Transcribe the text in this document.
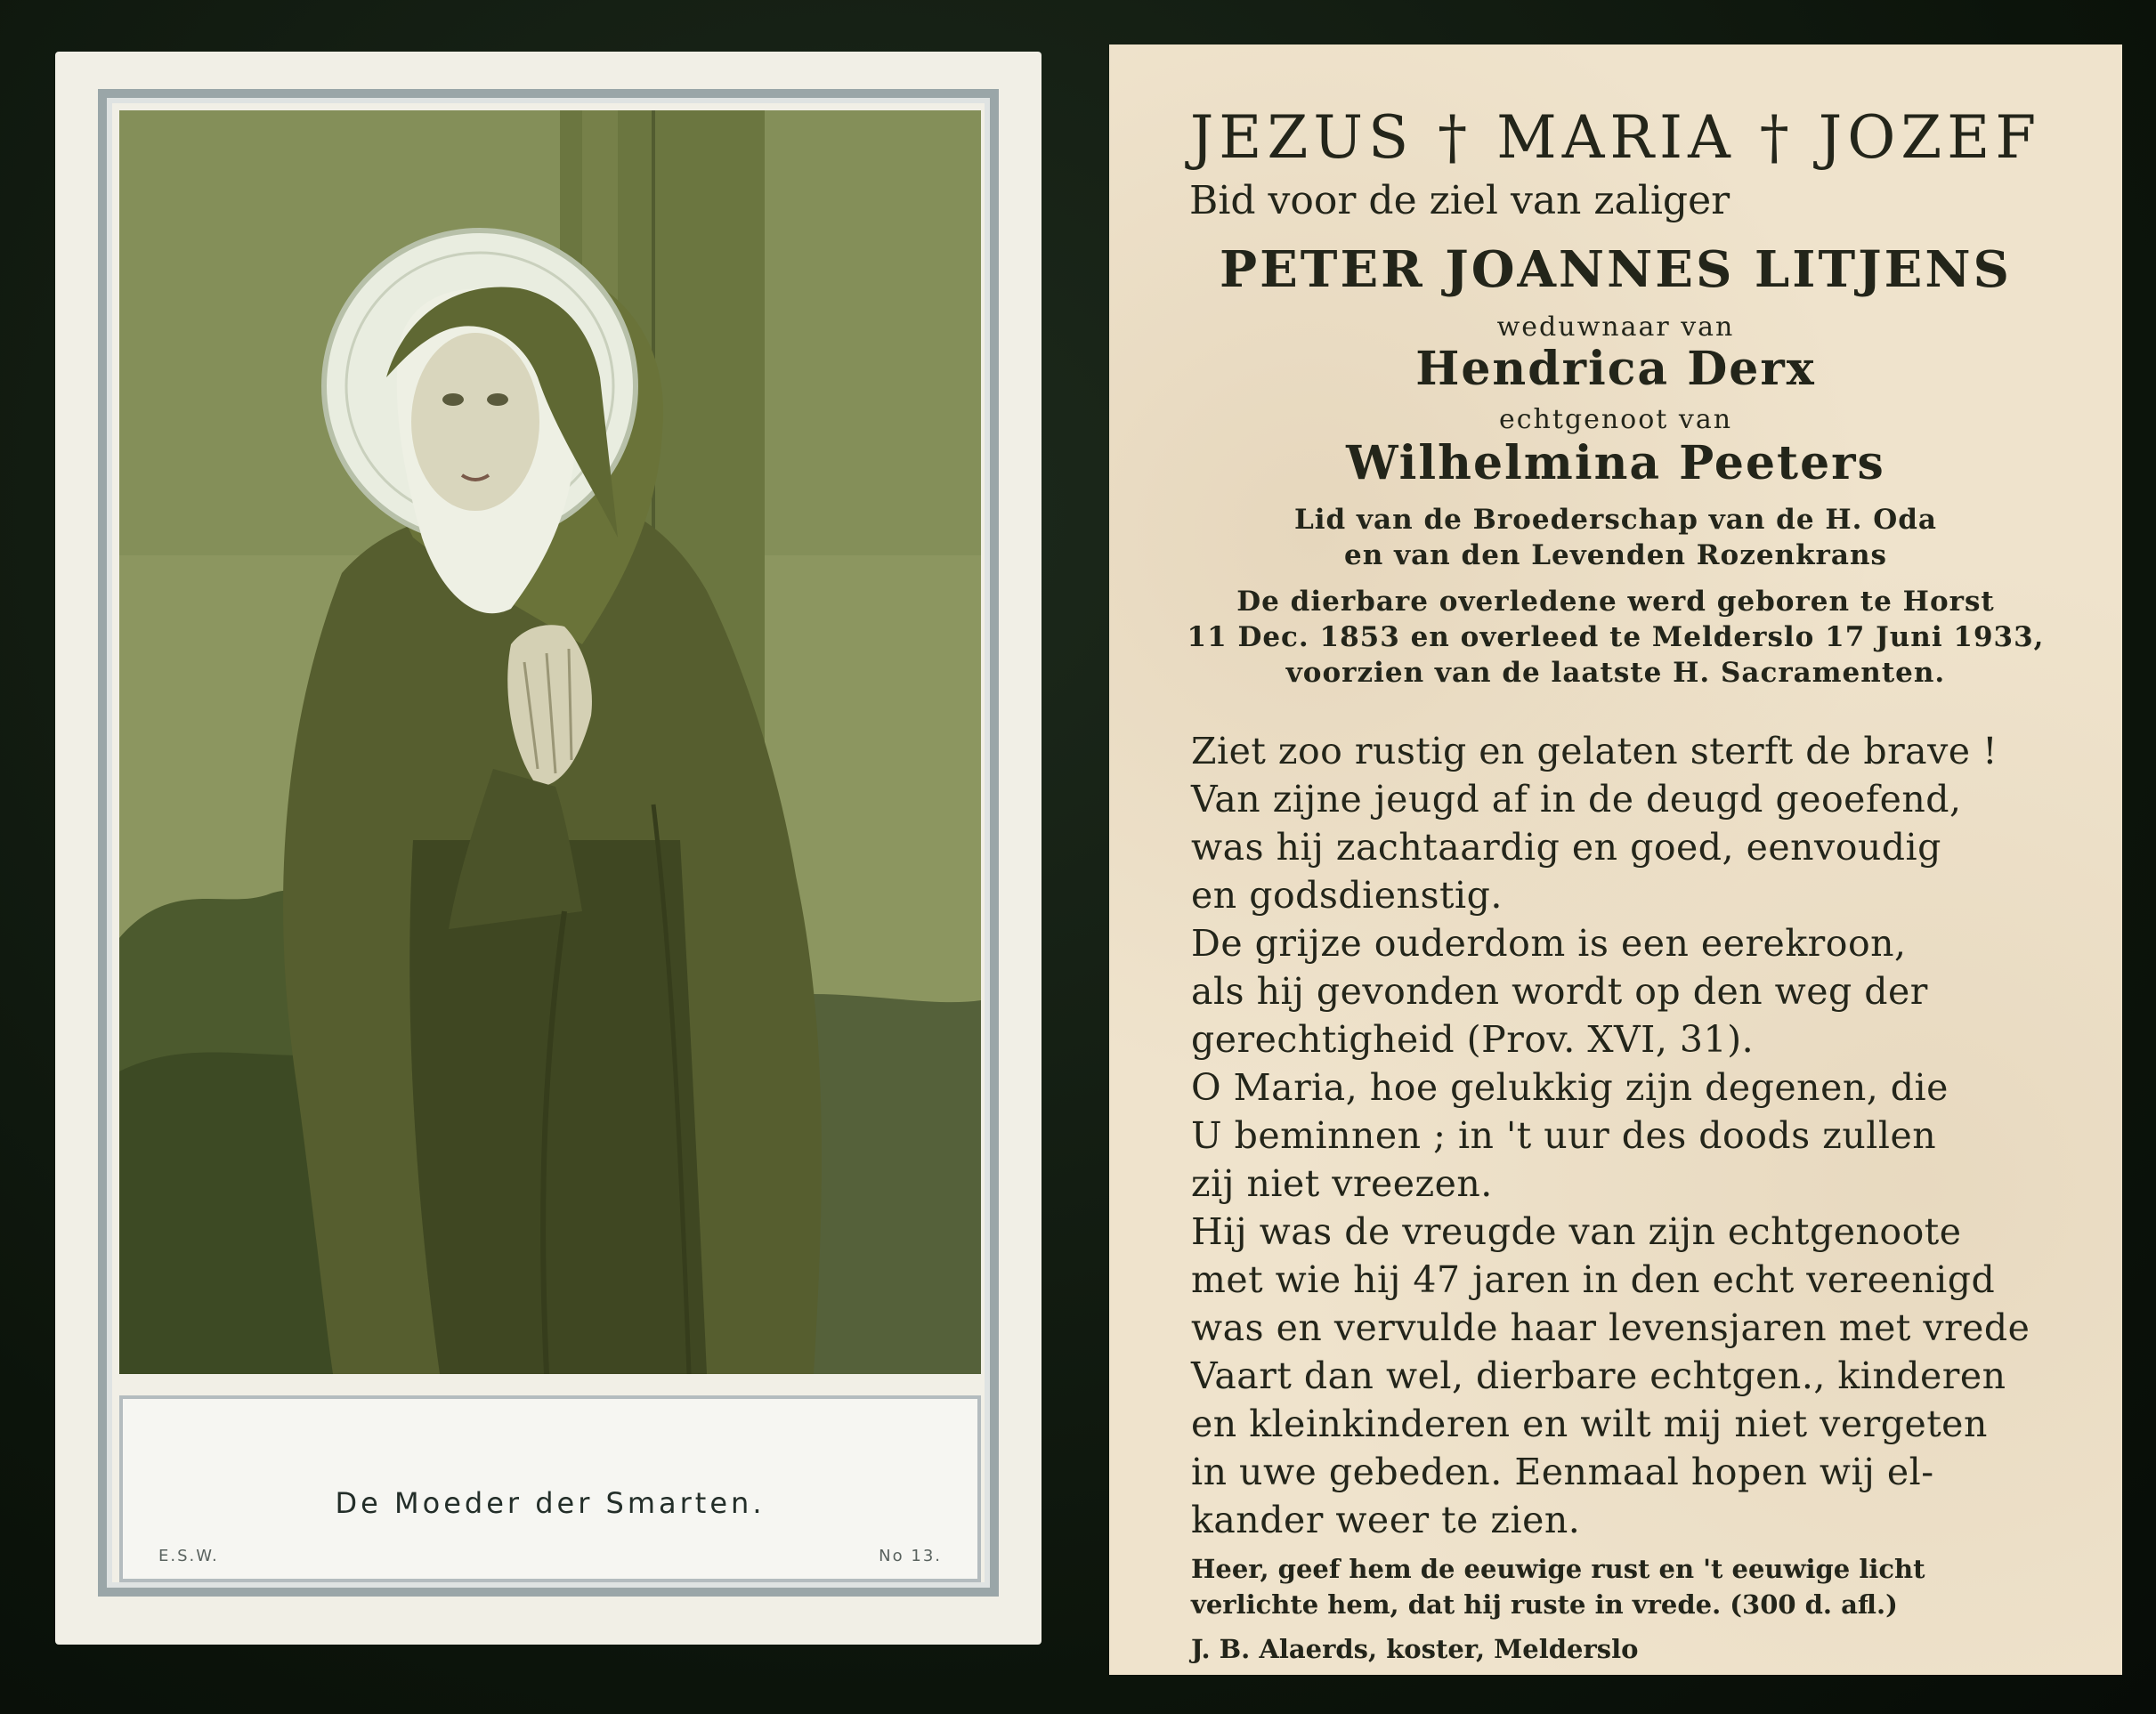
De Moeder der Smarten.
E.S.W.	No 13.
JEZUS † MARIA † JOZEF
Bid voor de ziel van zaliger
PETER JOANNES LITJENS
weduwnaar van
Hendrica Derx
echtgenoot van
Wilhelmina Peeters
Lid van de Broederschap van de H. Oda
en van den Levenden Rozenkrans
De dierbare overledene werd geboren te Horst
11 Dec. 1853 en overleed te Melderslo 17 Juni 1933,
voorzien van de laatste H. Sacramenten.
Ziet zoo rustig en gelaten sterft de brave !
Van zijne jeugd af in de deugd geoefend,
was hij zachtaardig en goed, eenvoudig
en godsdienstig.
De grijze ouderdom is een eerekroon,
als hij gevonden wordt op den weg der
gerechtigheid (Prov. XVI, 31).
O Maria, hoe gelukkig zijn degenen, die
U beminnen ; in 't uur des doods zullen
zij niet vreezen.
Hij was de vreugde van zijn echtgenoote
met wie hij 47 jaren in den echt vereenigd
was en vervulde haar levensjaren met vrede
Vaart dan wel, dierbare echtgen., kinderen
en kleinkinderen en wilt mij niet vergeten
in uwe gebeden. Eenmaal hopen wij el-
kander weer te zien.
Heer, geef hem de eeuwige rust en 't eeuwige licht
verlichte hem, dat hij ruste in vrede. (300 d. afl.)
J. B. Alaerds, koster, Melderslo
